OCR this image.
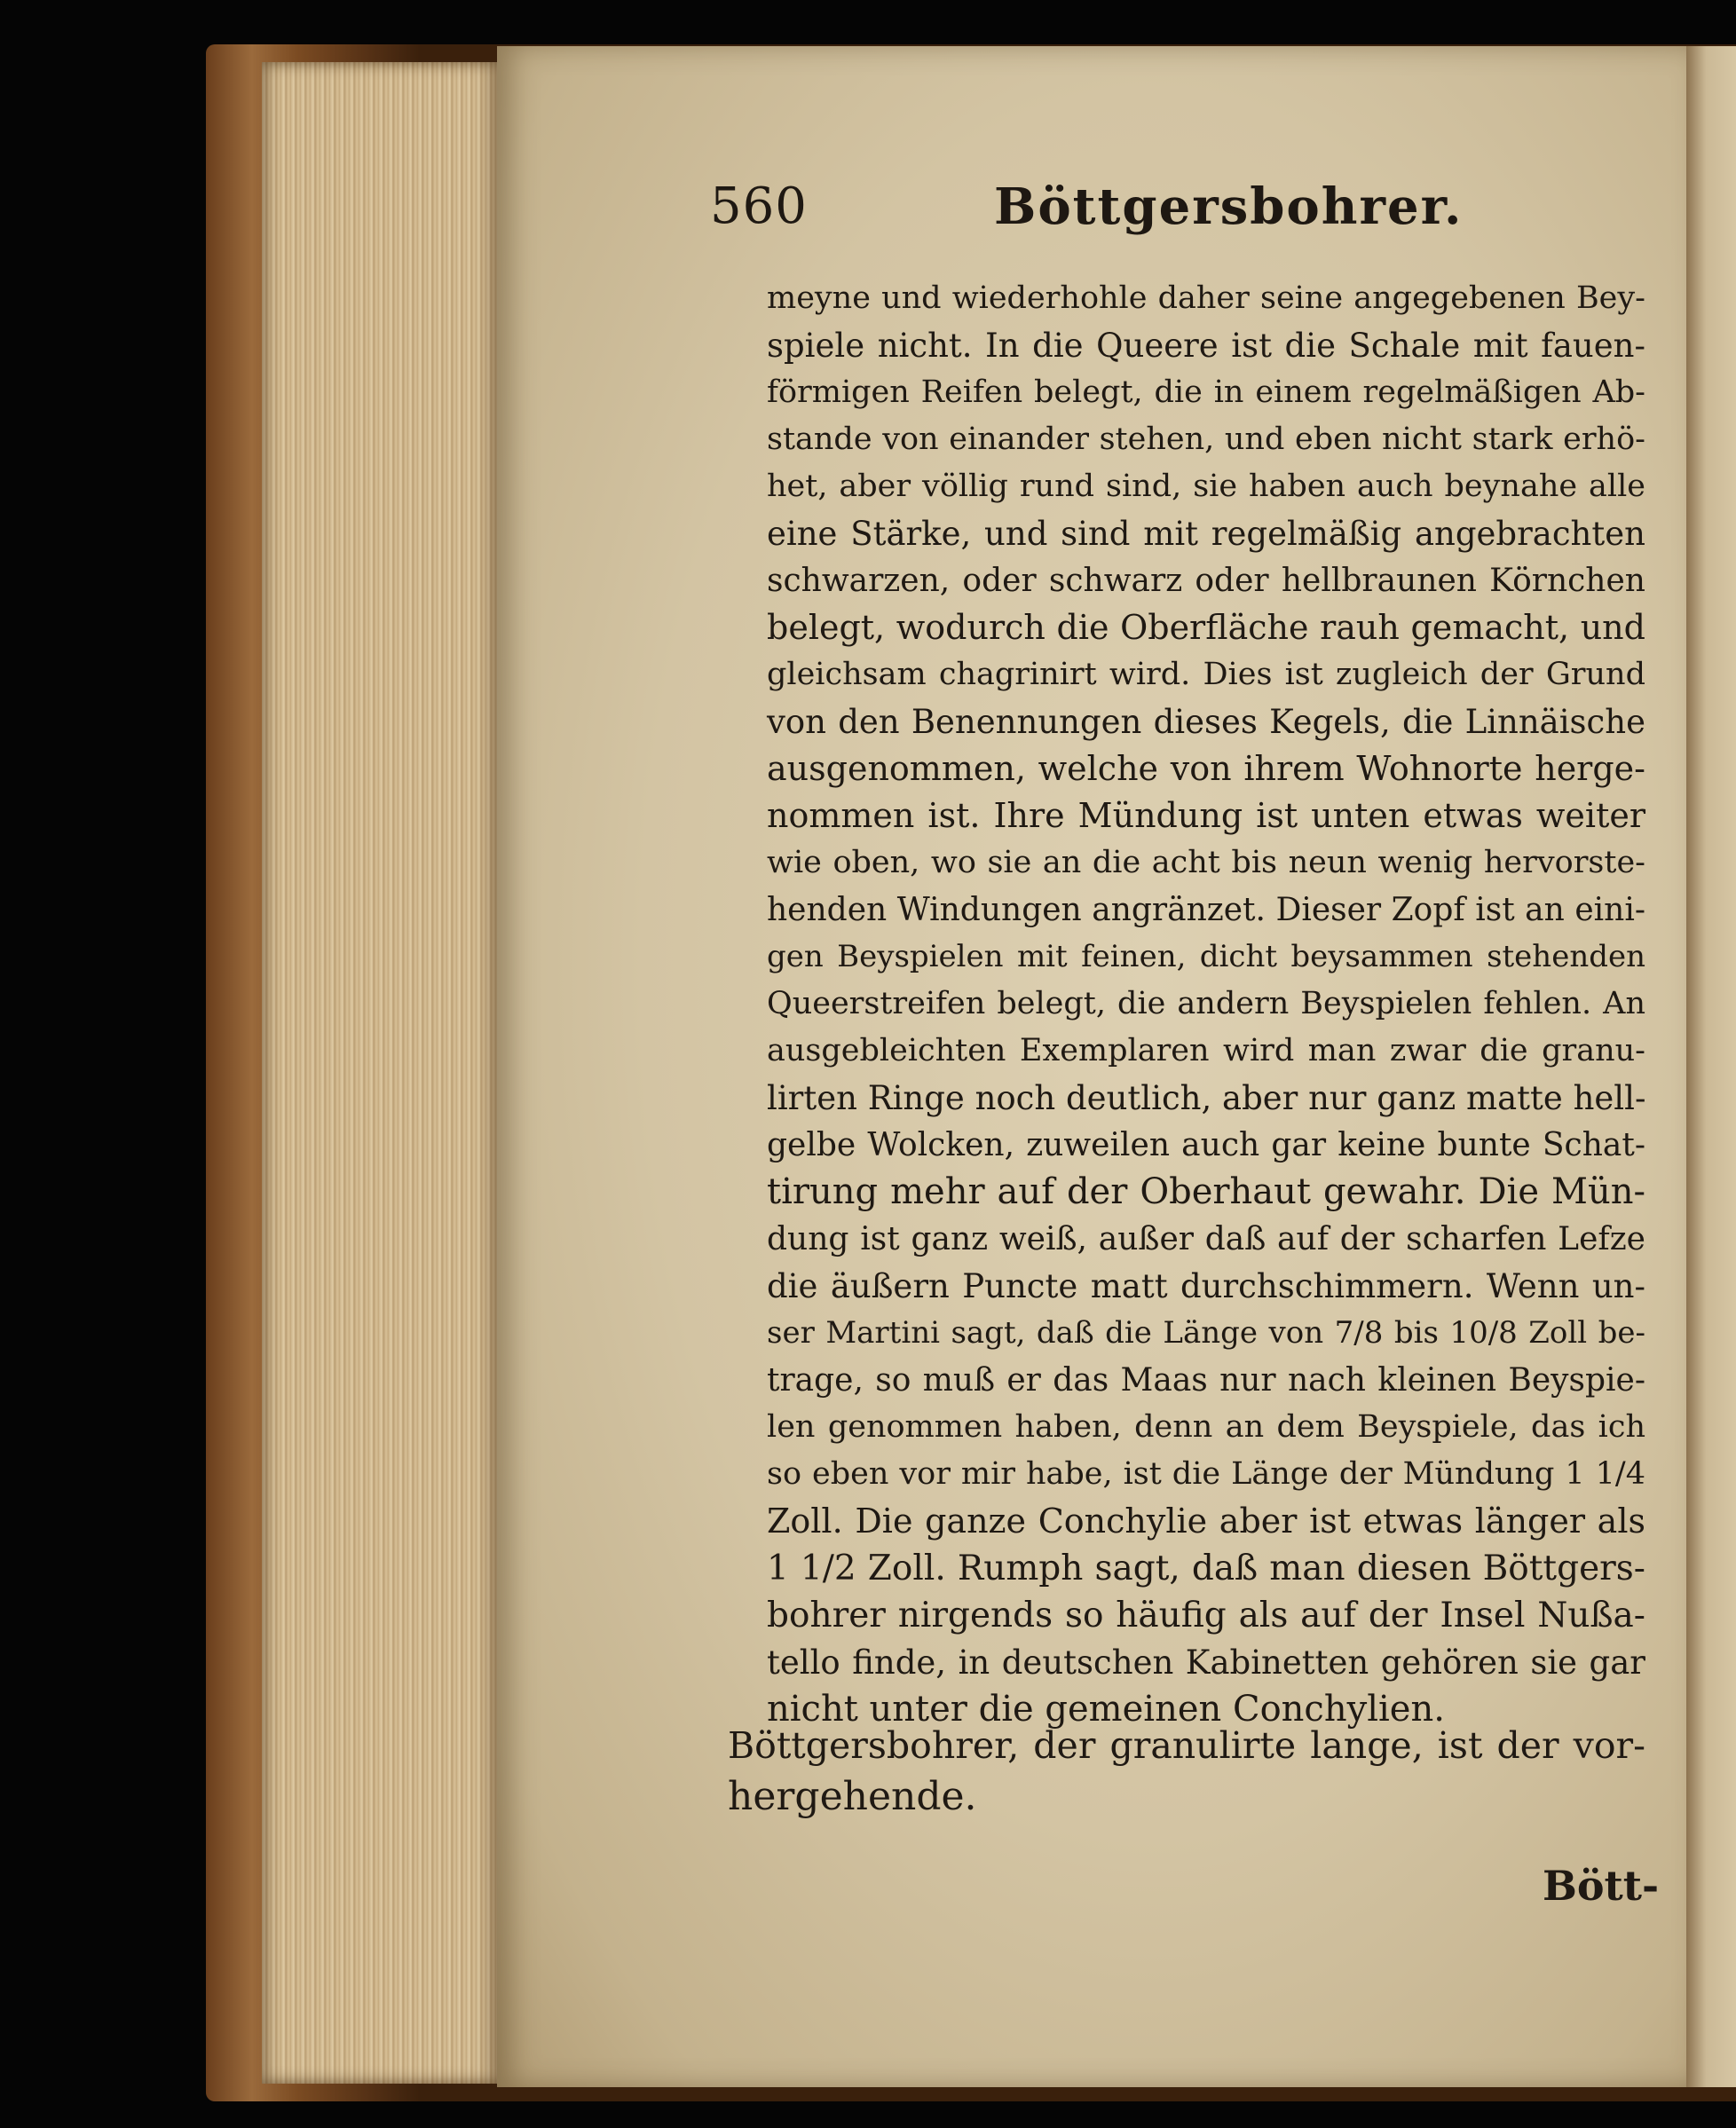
560	Böttgersbohrer.
meyne und wiederhohle daher seine angegebenen Bey-
spiele nicht. In die Queere ist die Schale mit fauen-
förmigen Reifen belegt, die in einem regelmäßigen Ab-
stande von einander stehen, und eben nicht stark erhö-
het, aber völlig rund sind, sie haben auch beynahe alle
eine Stärke, und sind mit regelmäßig angebrachten
schwarzen, oder schwarz oder hellbraunen Körnchen
belegt, wodurch die Oberfläche rauh gemacht, und
gleichsam chagrinirt wird. Dies ist zugleich der Grund
von den Benennungen dieses Kegels, die Linnäische
ausgenommen, welche von ihrem Wohnorte herge-
nommen ist. Ihre Mündung ist unten etwas weiter
wie oben, wo sie an die acht bis neun wenig hervorste-
henden Windungen angränzet. Dieser Zopf ist an eini-
gen Beyspielen mit feinen, dicht beysammen stehenden
Queerstreifen belegt, die andern Beyspielen fehlen. An
ausgebleichten Exemplaren wird man zwar die granu-
lirten Ringe noch deutlich, aber nur ganz matte hell-
gelbe Wolcken, zuweilen auch gar keine bunte Schat-
tirung mehr auf der Oberhaut gewahr. Die Mün-
dung ist ganz weiß, außer daß auf der scharfen Lefze
die äußern Puncte matt durchschimmern. Wenn un-
ser Martini sagt, daß die Länge von 7/8 bis 10/8 Zoll be-
trage, so muß er das Maas nur nach kleinen Beyspie-
len genommen haben, denn an dem Beyspiele, das ich
so eben vor mir habe, ist die Länge der Mündung 1 1/4
Zoll. Die ganze Conchylie aber ist etwas länger als
1 1/2 Zoll. Rumph sagt, daß man diesen Böttgers-
bohrer nirgends so häufig als auf der Insel Nußa-
tello finde, in deutschen Kabinetten gehören sie gar
nicht unter die gemeinen Conchylien.
Böttgersbohrer, der granulirte lange, ist der vor-
hergehende.
Bött-
